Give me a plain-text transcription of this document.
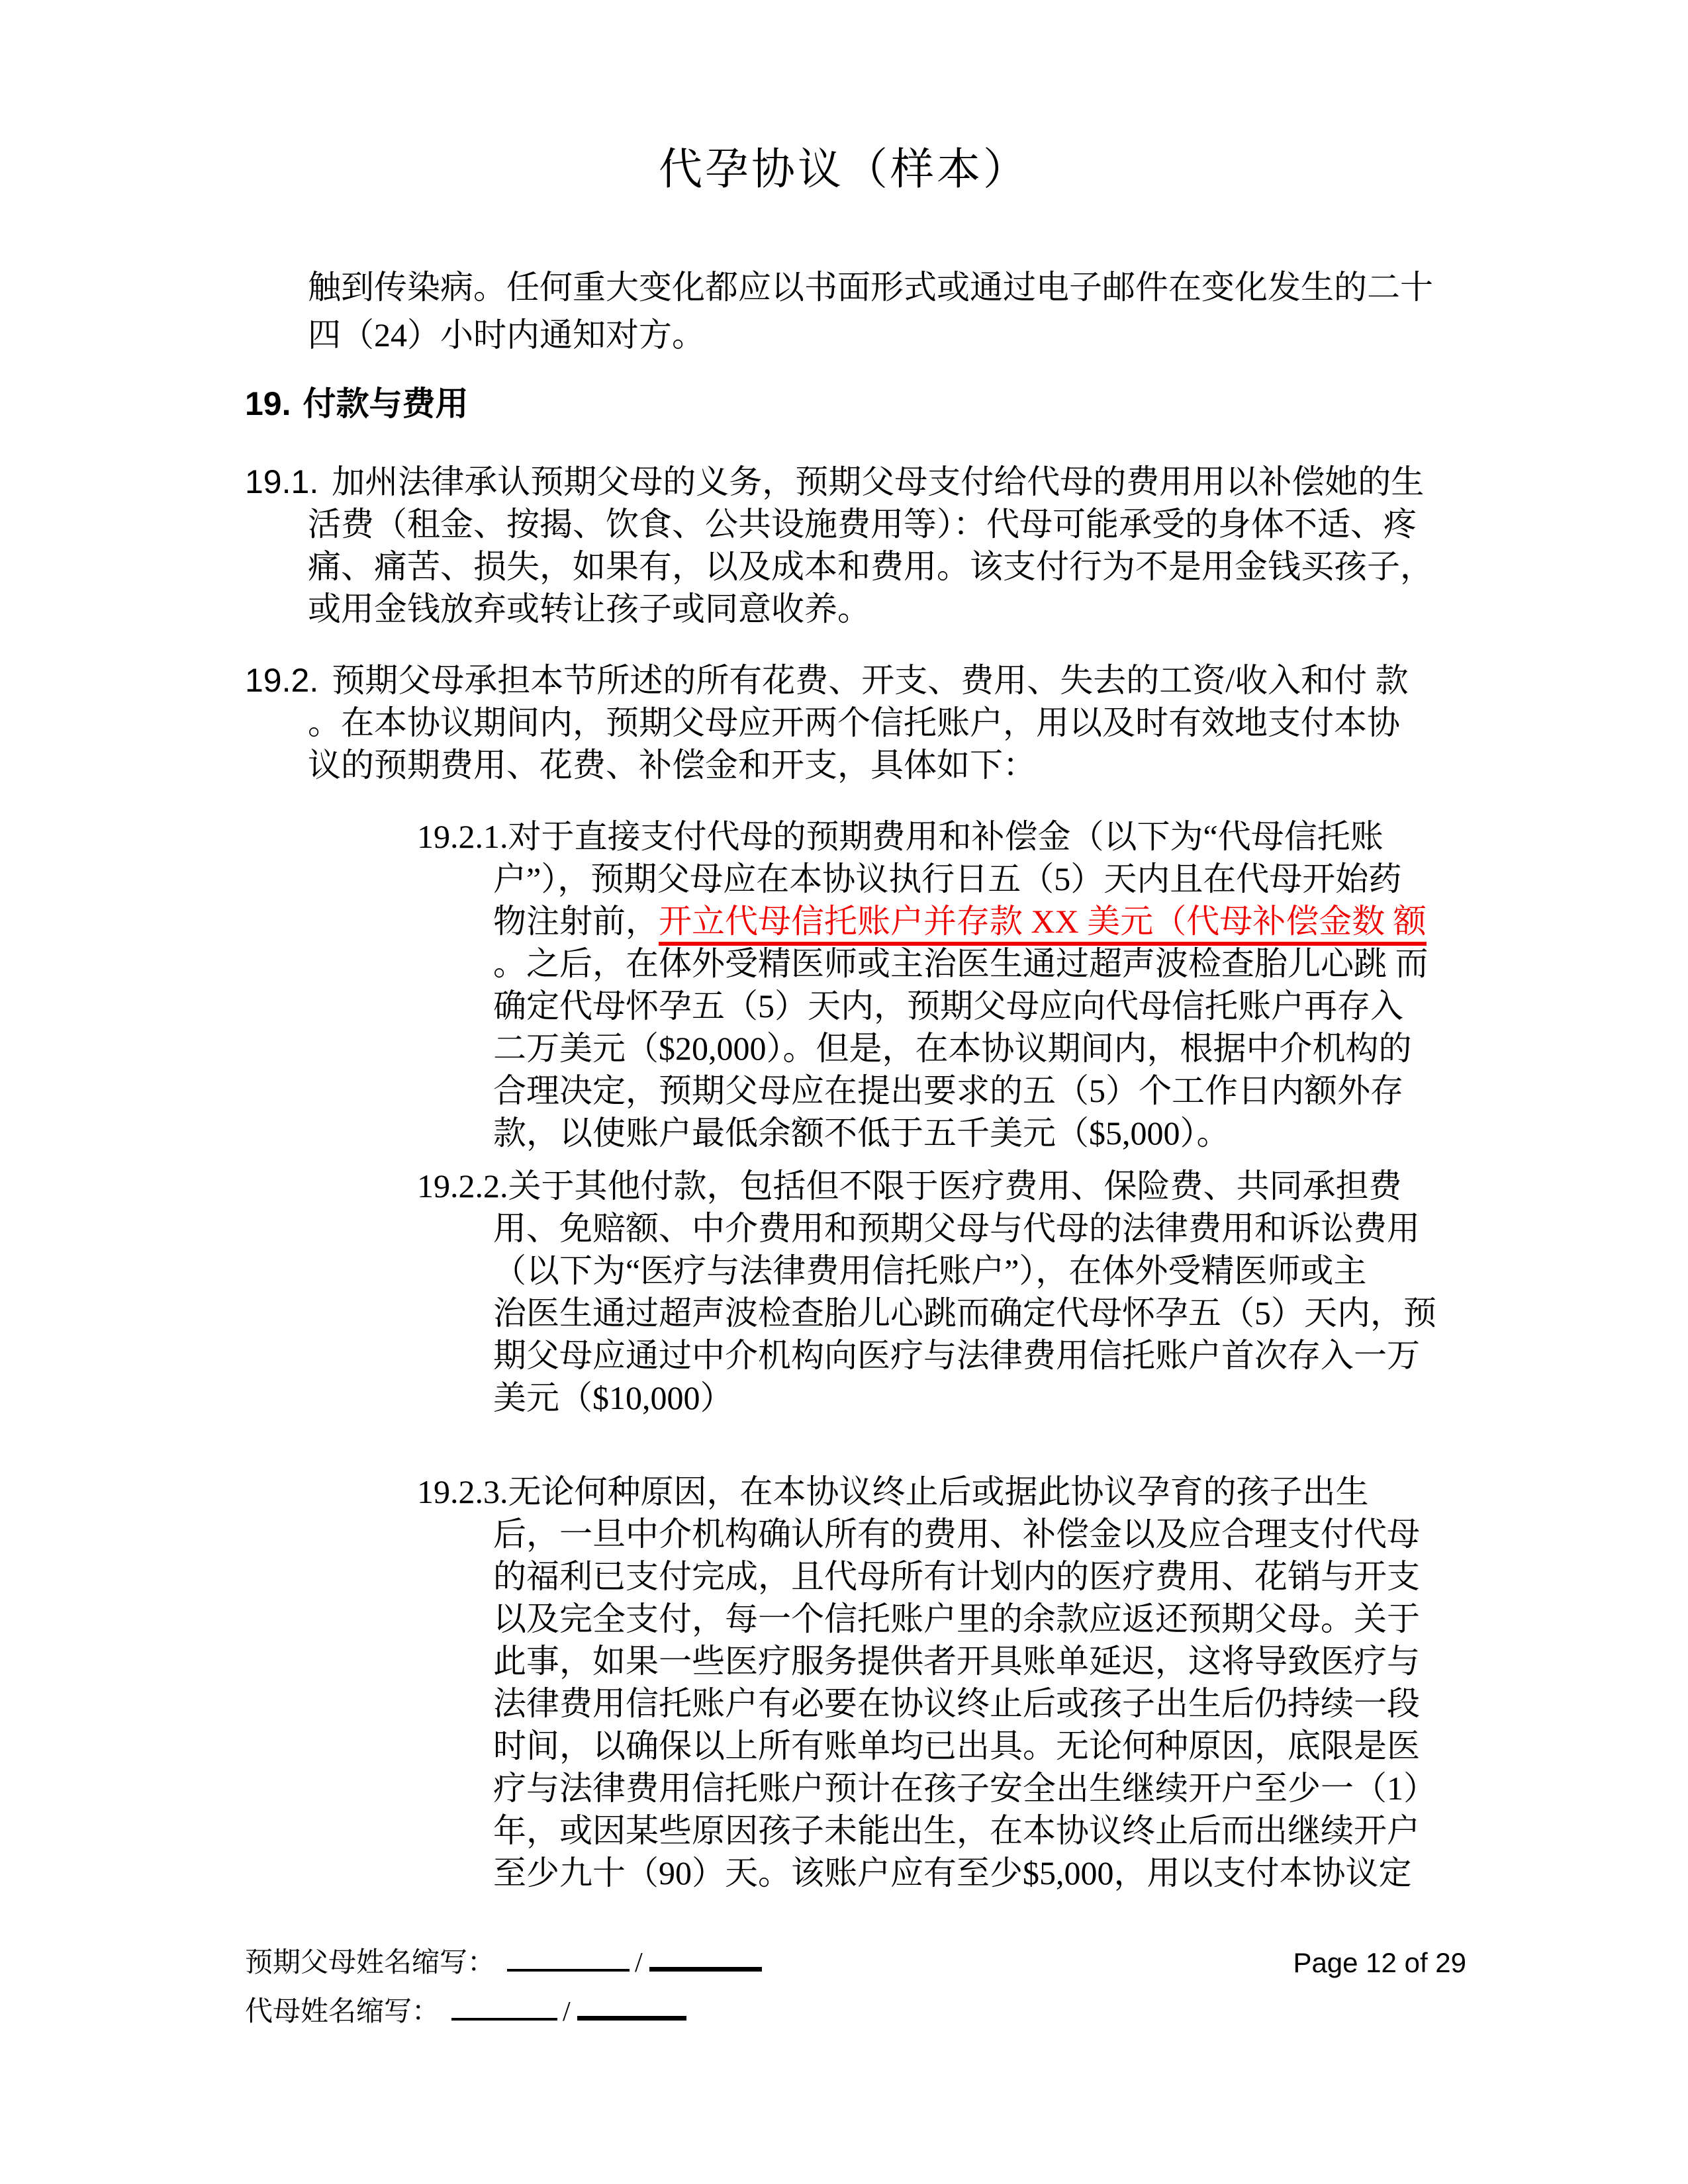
代孕协议（样本）
触到传染病。任何重大变化都应以书面形式或通过电子邮件在变化发生的二十
四（24）小时内通知对方。
19. 付款与费用
19.1. 加州法律承认预期父母的义务，预期父母支付给代母的费用用以补偿她的生
活费（租金、按揭、饮食、公共设施费用等）：代母可能承受的身体不适、疼
痛、痛苦、损失，如果有，以及成本和费用。该支付行为不是用金钱买孩子，
或用金钱放弃或转让孩子或同意收养。
19.2. 预期父母承担本节所述的所有花费、开支、费用、失去的工资/收入和付 款
。在本协议期间内，预期父母应开两个信托账户，用以及时有效地支付本协
议的预期费用、花费、补偿金和开支，具体如下：
19.2.1.对于直接支付代母的预期费用和补偿金（以下为“代母信托账
户”），预期父母应在本协议执行日五（5）天内且在代母开始药
物注射前，开立代母信托账户并存款 XX 美元（代母补偿金数 额
。之后，在体外受精医师或主治医生通过超声波检查胎儿心跳 而
确定代母怀孕五（5）天内，预期父母应向代母信托账户再存入
二万美元（$20,000）。但是，在本协议期间内，根据中介机构的
合理决定，预期父母应在提出要求的五（5）个工作日内额外存
款，以使账户最低余额不低于五千美元（$5,000）。
19.2.2.关于其他付款，包括但不限于医疗费用、保险费、共同承担费
用、免赔额、中介费用和预期父母与代母的法律费用和诉讼费用
（以下为“医疗与法律费用信托账户”），在体外受精医师或主
治医生通过超声波检查胎儿心跳而确定代母怀孕五（5）天内，预
期父母应通过中介机构向医疗与法律费用信托账户首次存入一万
美元（$10,000）
19.2.3.无论何种原因，在本协议终止后或据此协议孕育的孩子出生
后，一旦中介机构确认所有的费用、补偿金以及应合理支付代母
的福利已支付完成，且代母所有计划内的医疗费用、花销与开支
以及完全支付，每一个信托账户里的余款应返还预期父母。关于
此事，如果一些医疗服务提供者开具账单延迟，这将导致医疗与
法律费用信托账户有必要在协议终止后或孩子出生后仍持续一段
时间，以确保以上所有账单均已出具。无论何种原因，底限是医
疗与法律费用信托账户预计在孩子安全出生继续开户至少一（1）
年，或因某些原因孩子未能出生，在本协议终止后而出继续开户
至少九十（90）天。该账户应有至少$5,000，用以支付本协议定
预期父母姓名缩写：	/	Page 12 of 29
代母姓名缩写：	/
